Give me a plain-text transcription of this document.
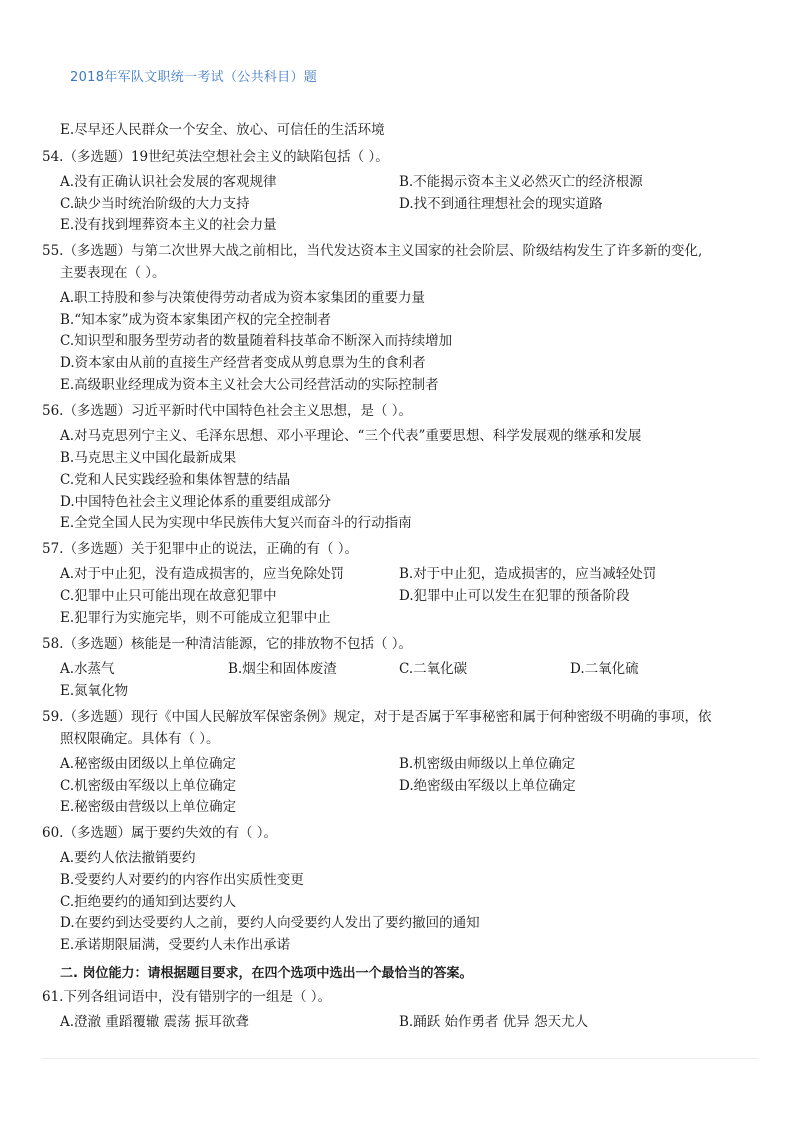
2018年军队文职统一考试（公共科目）题
E.尽早还人民群众一个安全、放心、可信任的生活环境
54.（多选题）19世纪英法空想社会主义的缺陷包括（ ）。
A.没有正确认识社会发展的客观规律	B.不能揭示资本主义必然灭亡的经济根源
C.缺少当时统治阶级的大力支持	D.找不到通往理想社会的现实道路
E.没有找到埋葬资本主义的社会力量
55.（多选题）与第二次世界大战之前相比，当代发达资本主义国家的社会阶层、阶级结构发生了许多新的变化,
主要表现在（ ）。
A.职工持股和参与决策使得劳动者成为资本家集团的重要力量
B.“知本家”成为资本家集团产权的完全控制者
C.知识型和服务型劳动者的数量随着科技革命不断深入而持续增加
D.资本家由从前的直接生产经营者变成从剪息票为生的食利者
E.高级职业经理成为资本主义社会大公司经营活动的实际控制者
56.（多选题）习近平新时代中国特色社会主义思想，是（ ）。
A.对马克思列宁主义、毛泽东思想、邓小平理论、“三个代表”重要思想、科学发展观的继承和发展
B.马克思主义中国化最新成果
C.党和人民实践经验和集体智慧的结晶
D.中国特色社会主义理论体系的重要组成部分
E.全党全国人民为实现中华民族伟大复兴而奋斗的行动指南
57.（多选题）关于犯罪中止的说法，正确的有（ ）。
A.对于中止犯，没有造成损害的，应当免除处罚	B.对于中止犯，造成损害的，应当减轻处罚
C.犯罪中止只可能出现在故意犯罪中	D.犯罪中止可以发生在犯罪的预备阶段
E.犯罪行为实施完毕，则不可能成立犯罪中止
58.（多选题）核能是一种清洁能源，它的排放物不包括（ ）。
A.水蒸气	B.烟尘和固体废渣	C.二氧化碳	D.二氧化硫
E.氮氧化物
59.（多选题）现行《中国人民解放军保密条例》规定，对于是否属于军事秘密和属于何种密级不明确的事项，依
照权限确定。具体有（ ）。
A.秘密级由团级以上单位确定	B.机密级由师级以上单位确定
C.机密级由军级以上单位确定	D.绝密级由军级以上单位确定
E.秘密级由营级以上单位确定
60.（多选题）属于要约失效的有（ ）。
A.要约人依法撤销要约
B.受要约人对要约的内容作出实质性变更
C.拒绝要约的通知到达要约人
D.在要约到达受要约人之前，要约人向受要约人发出了要约撤回的通知
E.承诺期限届满，受要约人未作出承诺
二. 岗位能力：请根据题目要求，在四个选项中选出一个最恰当的答案。
61.下列各组词语中，没有错别字的一组是（ ）。
A.澄澈 重蹈覆辙 震荡 振耳欲聋	B.踊跃 始作勇者 优异 怨天尤人
